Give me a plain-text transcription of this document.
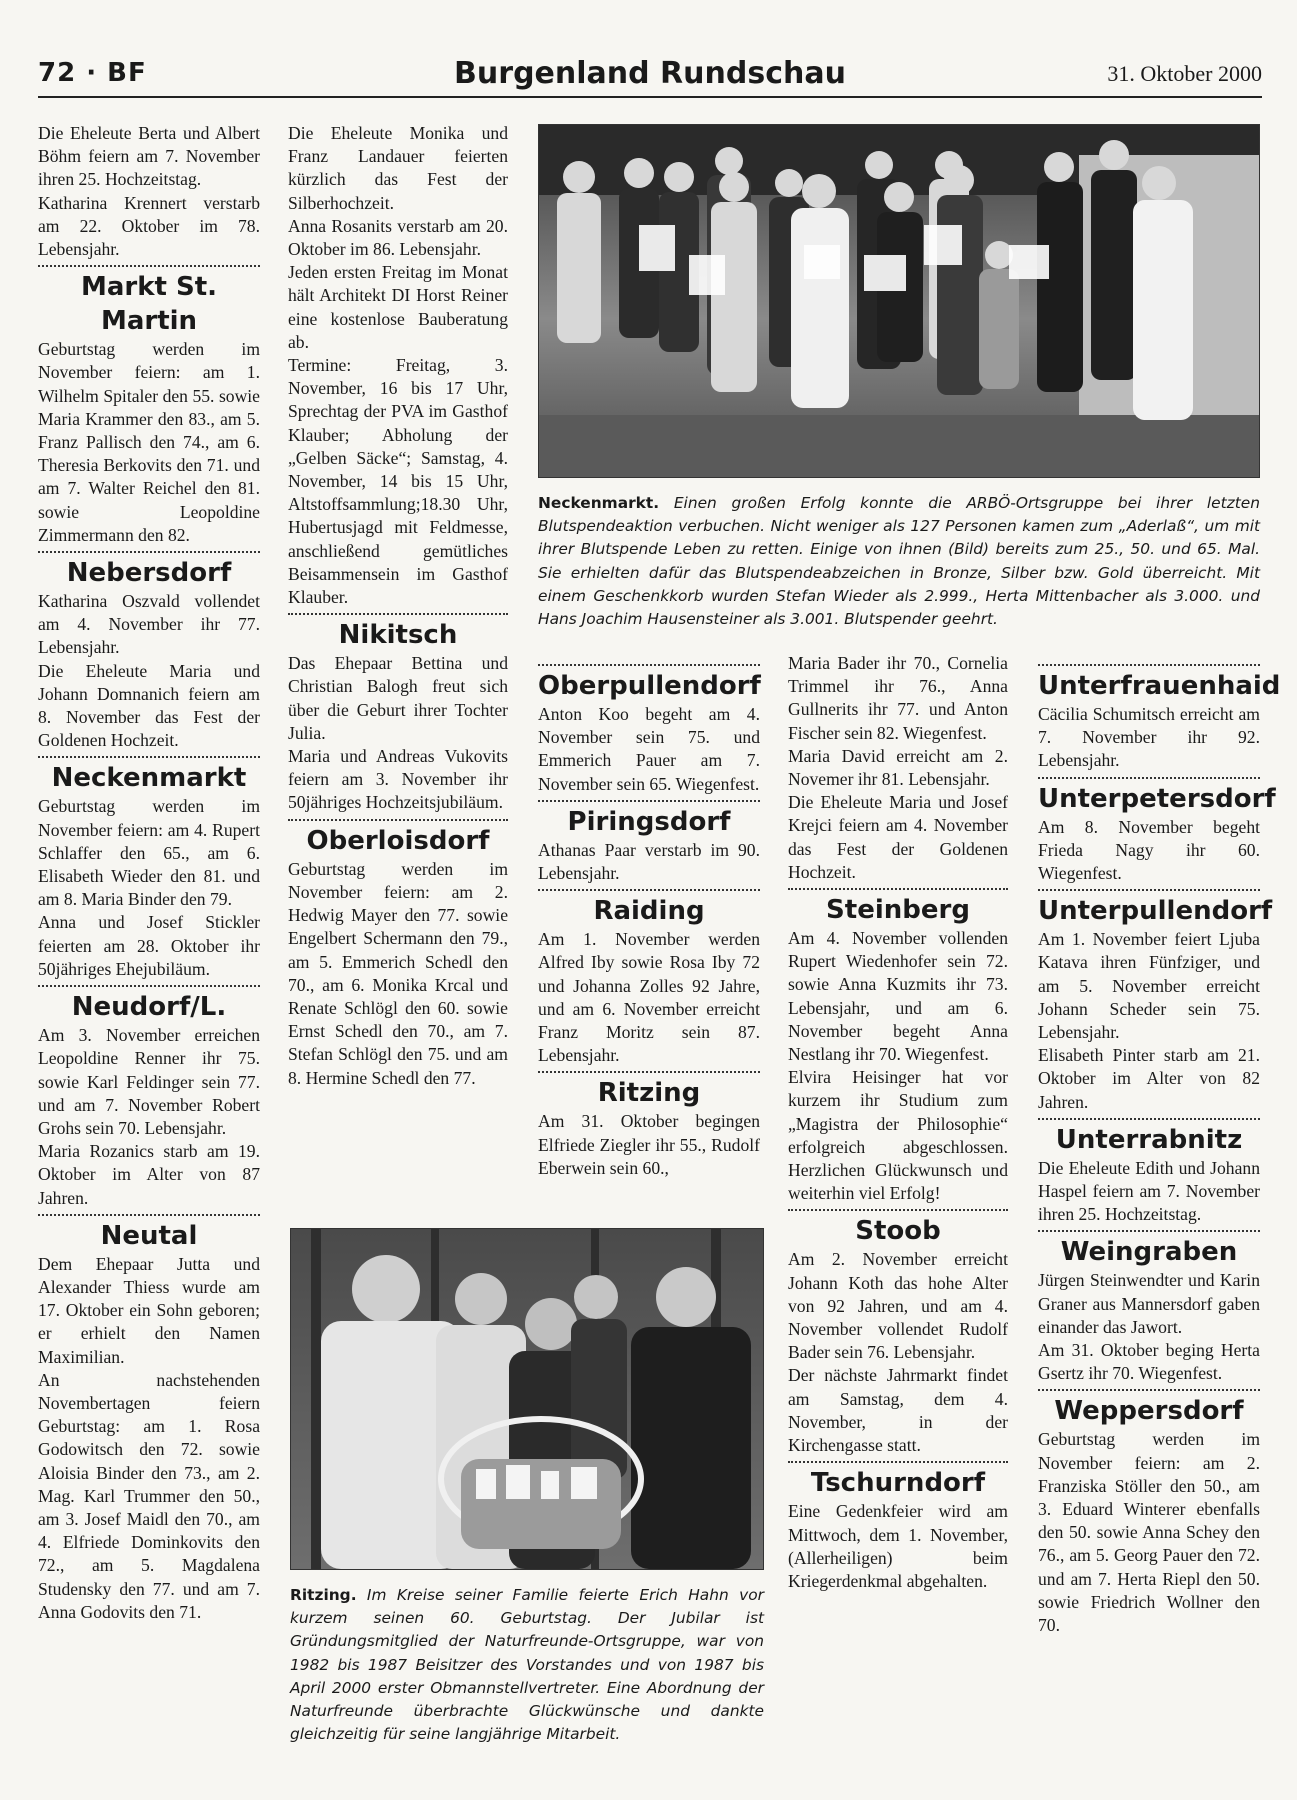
72 · BF	Burgenland Rundschau	31. Oktober 2000

Die Eheleute Berta und Albert Böhm feiern am 7. November ihren 25. Hochzeitstag.

Katharina Krennert verstarb am 22. Oktober im 78. Lebensjahr.

Markt St. Martin

Geburtstag werden im November feiern: am 1. Wilhelm Spitaler den 55. sowie Maria Krammer den 83., am 5. Franz Pallisch den 74., am 6. Theresia Berkovits den 71. und am 7. Walter Reichel den 81. sowie Leopoldine Zimmermann den 82.

Nebersdorf

Katharina Oszvald vollendet am 4. November ihr 77. Lebensjahr.

Die Eheleute Maria und Johann Domnanich feiern am 8. November das Fest der Goldenen Hochzeit.

Neckenmarkt

Geburtstag werden im November feiern: am 4. Rupert Schlaffer den 65., am 6. Elisabeth Wieder den 81. und am 8. Maria Binder den 79.

Anna und Josef Stickler feierten am 28. Oktober ihr 50jähriges Ehejubiläum.

Neudorf/L.

Am 3. November erreichen Leopoldine Renner ihr 75. sowie Karl Feldinger sein 77. und am 7. November Robert Grohs sein 70. Lebensjahr.

Maria Rozanics starb am 19. Oktober im Alter von 87 Jahren.

Neutal

Dem Ehepaar Jutta und Alexander Thiess wurde am 17. Oktober ein Sohn geboren; er erhielt den Namen Maximilian.

An nachstehenden Novembertagen feiern Geburtstag: am 1. Rosa Godowitsch den 72. sowie Aloisia Binder den 73., am 2. Mag. Karl Trummer den 50., am 3. Josef Maidl den 70., am 4. Elfriede Dominkovits den 72., am 5. Magdalena Studensky den 77. und am 7. Anna Godovits den 71.

Die Eheleute Monika und Franz Landauer feierten kürzlich das Fest der Silberhochzeit.

Anna Rosanits verstarb am 20. Oktober im 86. Lebensjahr.

Jeden ersten Freitag im Monat hält Architekt DI Horst Reiner eine kostenlose Bauberatung ab.

Termine: Freitag, 3. November, 16 bis 17 Uhr, Sprechtag der PVA im Gasthof Klauber; Abholung der „Gelben Säcke“; Samstag, 4. November, 14 bis 15 Uhr, Altstoffsammlung;18.30 Uhr, Hubertusjagd mit Feldmesse, anschließend gemütliches Beisammensein im Gasthof Klauber.

Nikitsch

Das Ehepaar Bettina und Christian Balogh freut sich über die Geburt ihrer Tochter Julia.

Maria und Andreas Vukovits feiern am 3. November ihr 50jähriges Hochzeitsjubiläum.

Oberloisdorf

Geburtstag werden im November feiern: am 2. Hedwig Mayer den 77. sowie Engelbert Schermann den 79., am 5. Emmerich Schedl den 70., am 6. Monika Krcal und Renate Schlögl den 60. sowie Ernst Schedl den 70., am 7. Stefan Schlögl den 75. und am 8. Hermine Schedl den 77.

Neckenmarkt. Einen großen Erfolg konnte die ARBÖ-Ortsgruppe bei ihrer letzten Blutspendeaktion verbuchen. Nicht weniger als 127 Personen kamen zum „Aderlaß“, um mit ihrer Blutspende Leben zu retten. Einige von ihnen (Bild) bereits zum 25., 50. und 65. Mal. Sie erhielten dafür das Blutspendeabzeichen in Bronze, Silber bzw. Gold überreicht. Mit einem Geschenkkorb wurden Stefan Wieder als 2.999., Herta Mittenbacher als 3.000. und Hans Joachim Hausensteiner als 3.001. Blutspender geehrt.
Oberpullendorf

Anton Koo begeht am 4. November sein 75. und Emmerich Pauer am 7. November sein 65. Wiegenfest.

Piringsdorf

Athanas Paar verstarb im 90. Lebensjahr.

Raiding

Am 1. November werden Alfred Iby sowie Rosa Iby 72 und Johanna Zolles 92 Jahre, und am 6. November erreicht Franz Moritz sein 87. Lebensjahr.

Ritzing

Am 31. Oktober begingen Elfriede Ziegler ihr 55., Rudolf Eberwein sein 60.,

Maria Bader ihr 70., Cornelia Trimmel ihr 76., Anna Gullnerits ihr 77. und Anton Fischer sein 82. Wiegenfest.

Maria David erreicht am 2. Novemer ihr 81. Lebensjahr.

Die Eheleute Maria und Josef Krejci feiern am 4. November das Fest der Goldenen Hochzeit.

Steinberg

Am 4. November vollenden Rupert Wiedenhofer sein 72. sowie Anna Kuzmits ihr 73. Lebensjahr, und am 6. November begeht Anna Nestlang ihr 70. Wiegenfest.

Elvira Heisinger hat vor kurzem ihr Studium zum „Magistra der Philosophie“ erfolgreich abgeschlossen. Herzlichen Glückwunsch und weiterhin viel Erfolg!

Stoob

Am 2. November erreicht Johann Koth das hohe Alter von 92 Jahren, und am 4. November vollendet Rudolf Bader sein 76. Lebensjahr.

Der nächste Jahrmarkt findet am Samstag, dem 4. November, in der Kirchengasse statt.

Tschurndorf

Eine Gedenkfeier wird am Mittwoch, dem 1. November, (Allerheiligen) beim Kriegerdenkmal abgehalten.

Unterfrauenhaid

Cäcilia Schumitsch erreicht am 7. November ihr 92. Lebensjahr.

Unterpetersdorf

Am 8. November begeht Frieda Nagy ihr 60. Wiegenfest.

Unterpullendorf

Am 1. November feiert Ljuba Katava ihren Fünfziger, und am 5. November erreicht Johann Scheder sein 75. Lebensjahr.

Elisabeth Pinter starb am 21. Oktober im Alter von 82 Jahren.

Unterrabnitz

Die Eheleute Edith und Johann Haspel feiern am 7. November ihren 25. Hochzeitstag.

Weingraben

Jürgen Steinwendter und Karin Graner aus Mannersdorf gaben einander das Jawort.

Am 31. Oktober beging Herta Gsertz ihr 70. Wiegenfest.

Weppersdorf

Geburtstag werden im November feiern: am 2. Franziska Stöller den 50., am 3. Eduard Winterer ebenfalls den 50. sowie Anna Schey den 76., am 5. Georg Pauer den 72. und am 7. Herta Riepl den 50. sowie Friedrich Wollner den 70.

Ritzing. Im Kreise seiner Familie feierte Erich Hahn vor kurzem seinen 60. Geburtstag. Der Jubilar ist Gründungsmitglied der Naturfreunde-Ortsgruppe, war von 1982 bis 1987 Beisitzer des Vorstandes und von 1987 bis April 2000 erster Obmannstellvertreter. Eine Abordnung der Naturfreunde überbrachte Glückwünsche und dankte gleichzeitig für seine langjährige Mitarbeit.
